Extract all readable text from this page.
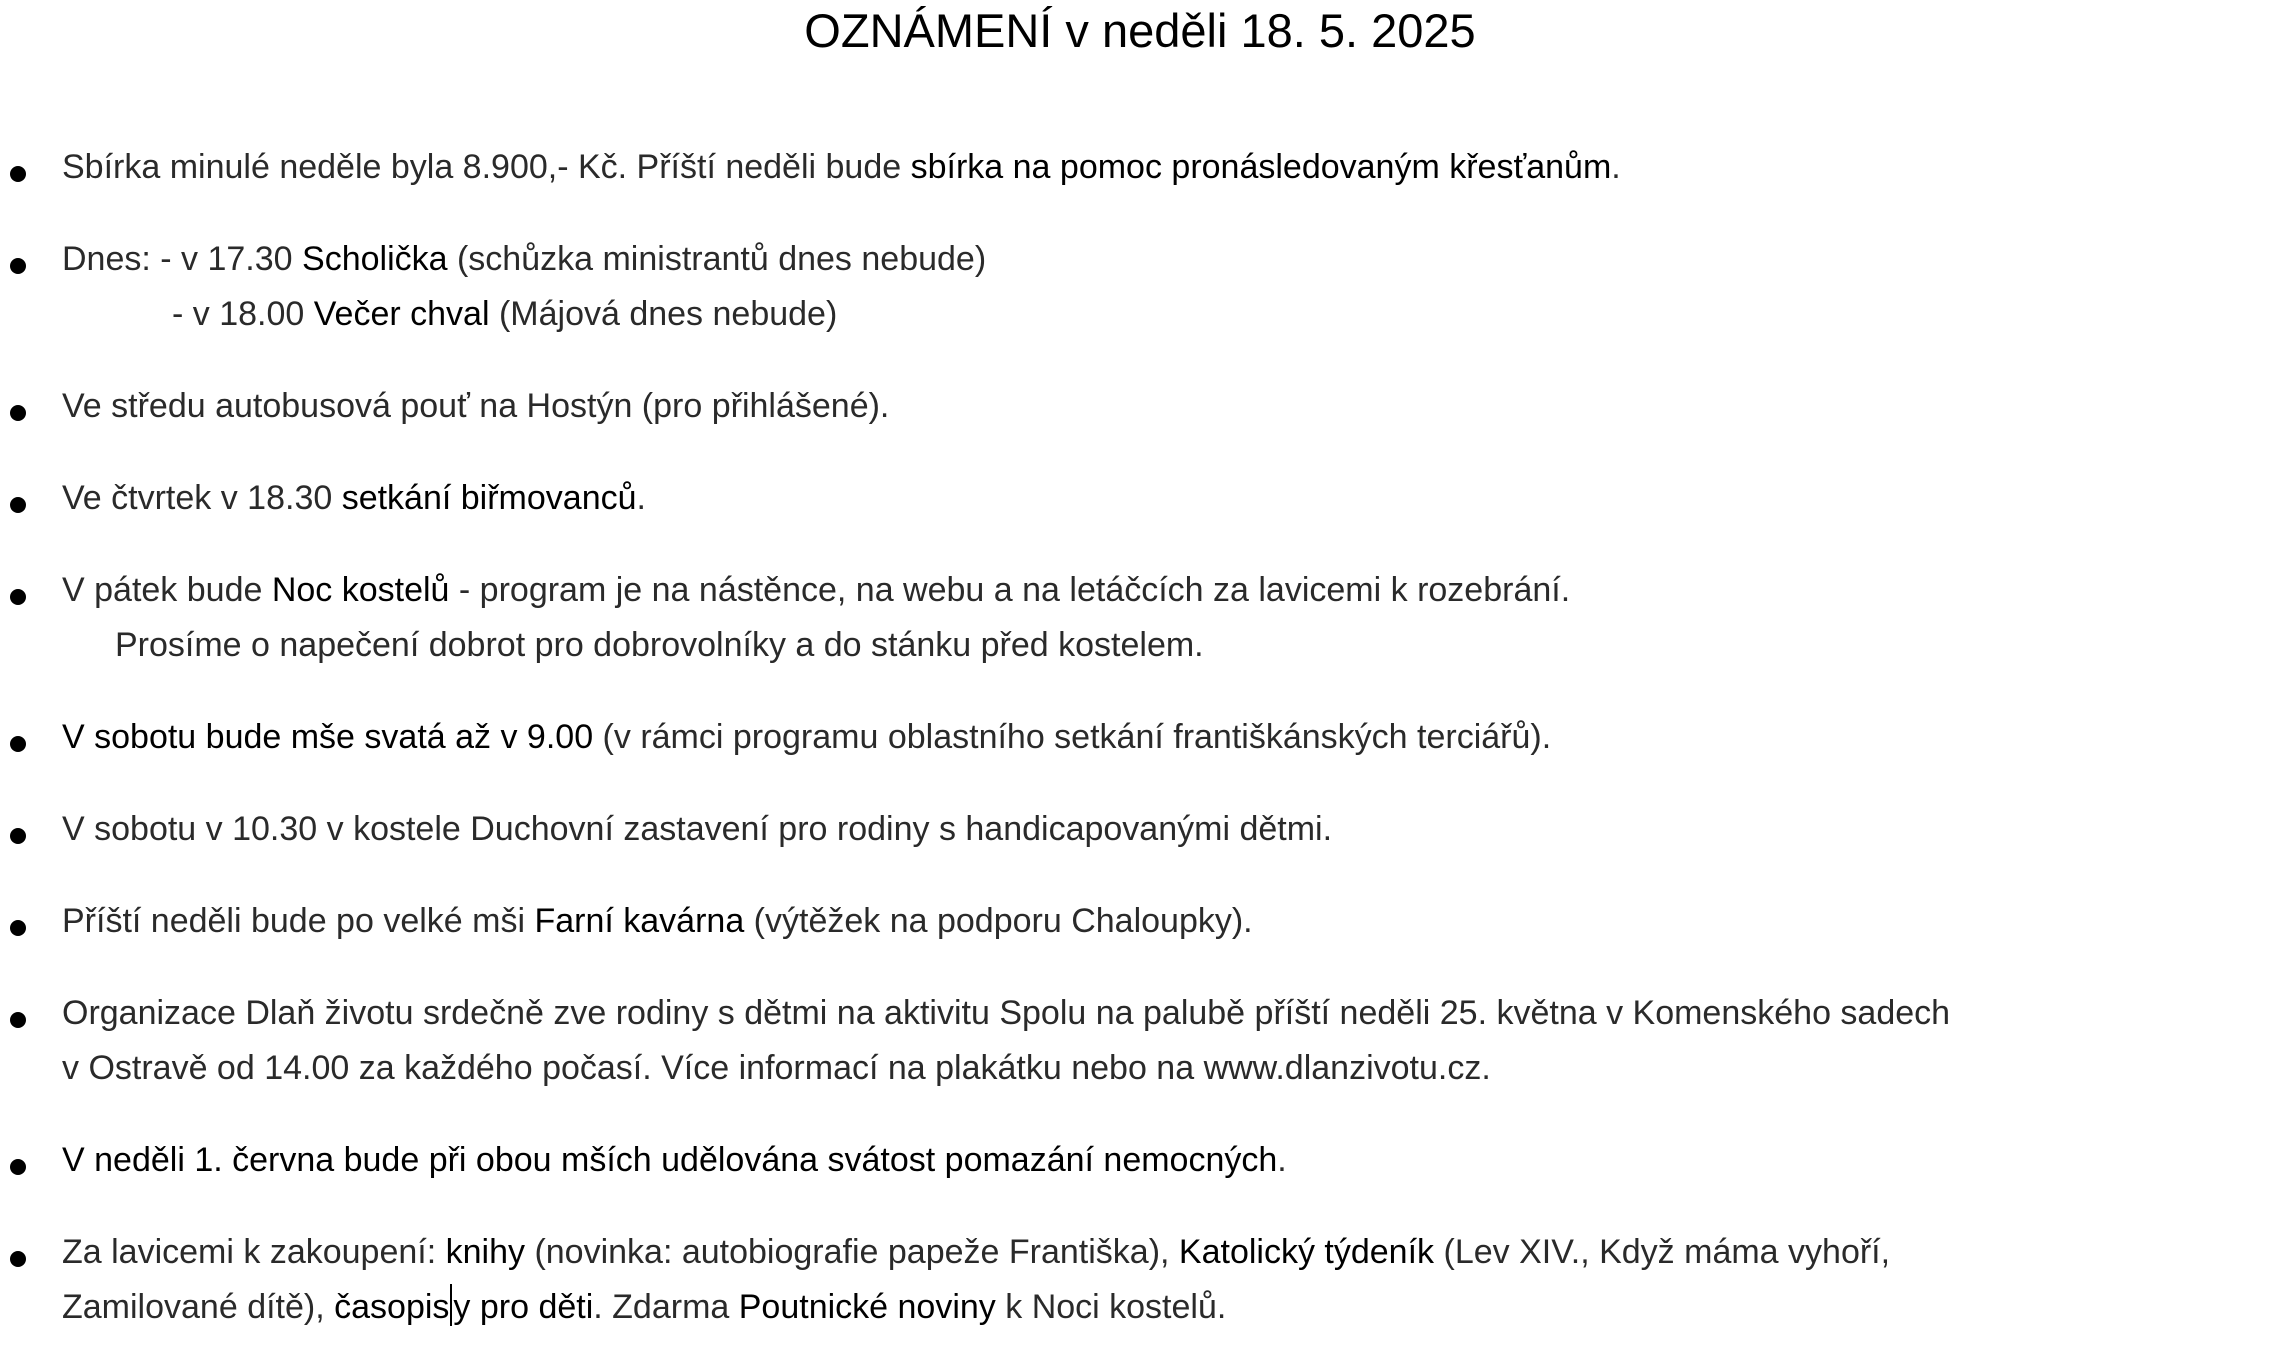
OZNÁMENÍ v neděli 18. 5. 2025
Sbírka minulé neděle byla 8.900,- Kč. Příští neděli bude sbírka na pomoc pronásledovaným křesťanům.
Dnes: - v 17.30 Scholička (schůzka ministrantů dnes nebude)
- v 18.00 Večer chval (Májová dnes nebude)
Ve středu autobusová pouť na Hostýn (pro přihlášené).
Ve čtvrtek v 18.30 setkání biřmovanců.
V pátek bude Noc kostelů - program je na nástěnce, na webu a na letáčcích za lavicemi k rozebrání.
Prosíme o napečení dobrot pro dobrovolníky a do stánku před kostelem.
V sobotu bude mše svatá až v 9.00 (v rámci programu oblastního setkání františkánských terciářů).
V sobotu v 10.30 v kostele Duchovní zastavení pro rodiny s handicapovanými dětmi.
Příští neděli bude po velké mši Farní kavárna (výtěžek na podporu Chaloupky).
Organizace Dlaň životu srdečně zve rodiny s dětmi na aktivitu Spolu na palubě příští neděli 25. května v Komenského sadech
v Ostravě od 14.00 za každého počasí. Více informací na plakátku nebo na www.dlanzivotu.cz.
V neděli 1. června bude při obou mších udělována svátost pomazání nemocných.
Za lavicemi k zakoupení: knihy (novinka: autobiografie papeže Františka), Katolický týdeník (Lev XIV., Když máma vyhoří,
Zamilované dítě), časopis y pro děti. Zdarma Poutnické noviny k Noci kostelů.
